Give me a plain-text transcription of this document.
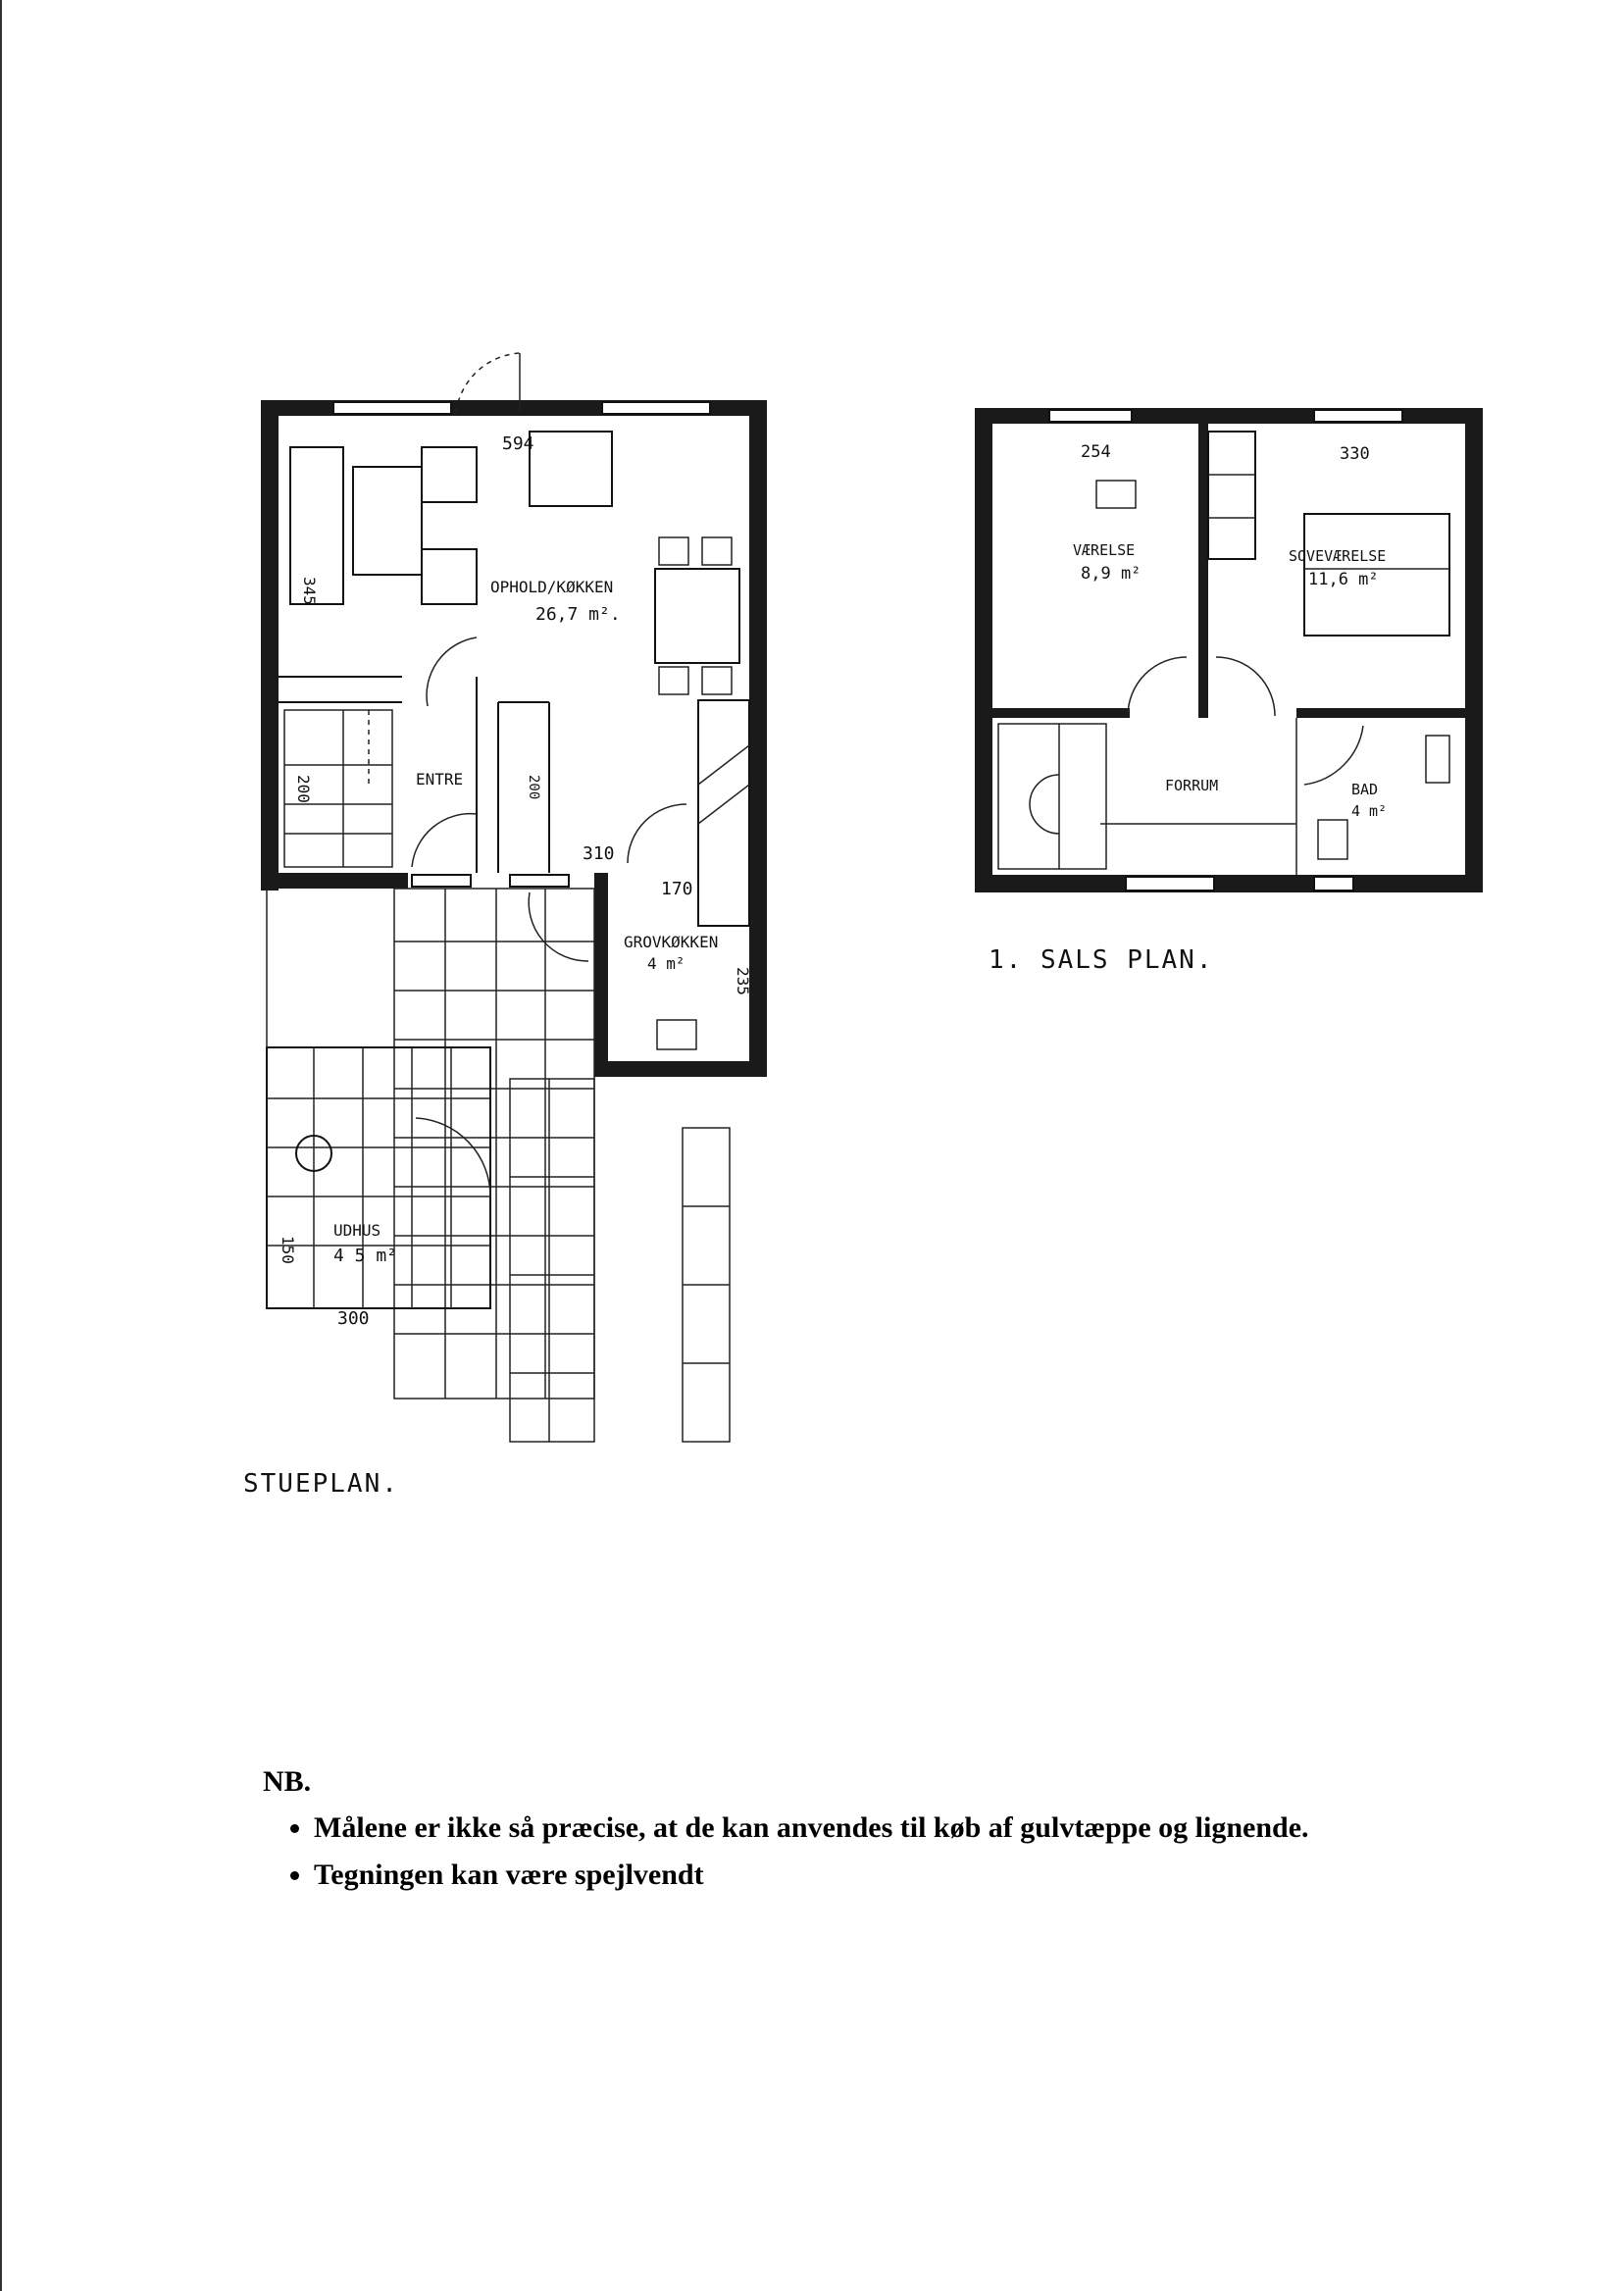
OPHOLD/KØKKEN
26,7 m².
ENTRE
GROVKØKKEN
4 m²
UDHUS
4 5 m²
594
345
200
310
170
235
150
300
200
VÆRELSE
8,9 m²
SOVEVÆRELSE
11,6 m²
FORRUM	BAD
4 m²
254	330
STUEPLAN.
1. SALS PLAN.
NB.
• Målene er ikke så præcise, at de kan anvendes til køb af gulvtæppe og lignende.
• Tegningen kan være spejlvendt
